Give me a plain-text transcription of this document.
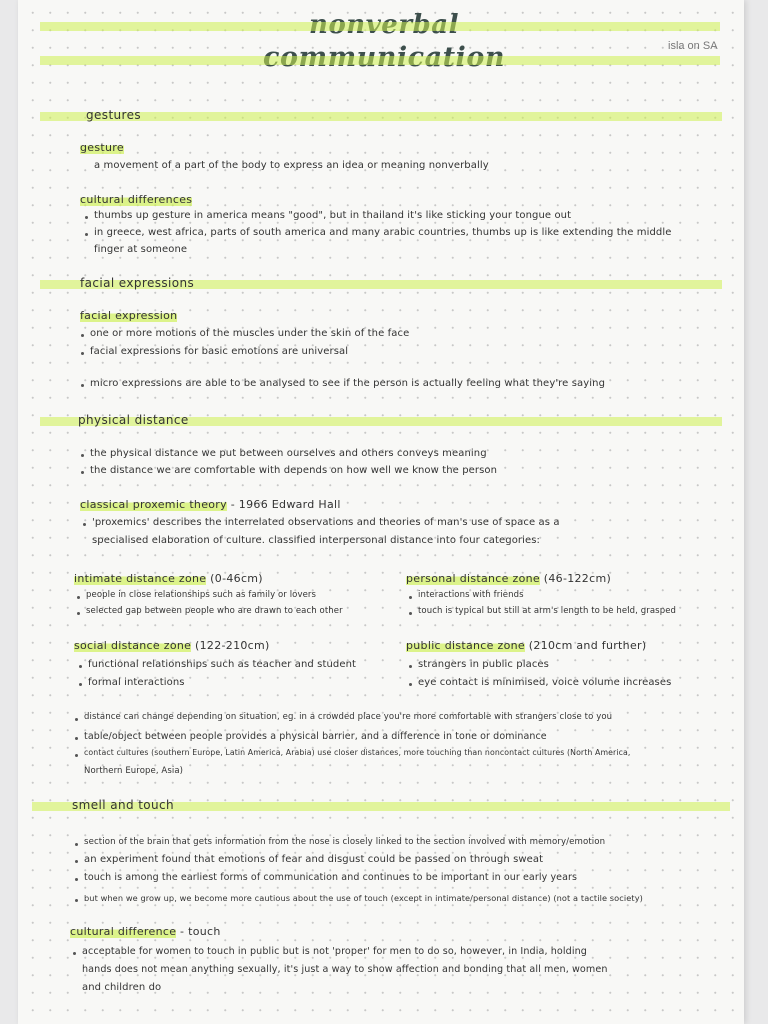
isla on SA
gestures
gesture
a movement of a part of the body to express an idea or meaning nonverbally
cultural differences
thumbs up gesture in america means "good", but in thailand it's like sticking your tongue out
in greece, west africa, parts of south america and many arabic countries, thumbs up is like extending the middle
finger at someone
facial expressions
facial expression
one or more motions of the muscles under the skin of the face
facial expressions for basic emotions are universal
micro expressions are able to be analysed to see if the person is actually feeling what they're saying
physical distance
the physical distance we put between ourselves and others conveys meaning
the distance we are comfortable with depends on how well we know the person
classical proxemic theory - 1966 Edward Hall
'proxemics' describes the interrelated observations and theories of man's use of space as a
specialised elaboration of culture. classified interpersonal distance into four categories:
intimate distance zone (0-46cm)
people in close relationships such as family or lovers
selected gap between people who are drawn to each other
personal distance zone (46-122cm)
interactions with friends
touch is typical but still at arm's length to be held, grasped
social distance zone (122-210cm)
functional relationships such as teacher and student
formal interactions
public distance zone (210cm and further)
strangers in public places
eye contact is minimised, voice volume increases
distance can change depending on situation, eg. in a crowded place you're more comfortable with strangers close to you
table/object between people provides a physical barrier, and a difference in tone or dominance
contact cultures (southern Europe, Latin America, Arabia) use closer distances, more touching than noncontact cultures (North America,
Northern Europe, Asia)
smell and touch
section of the brain that gets information from the nose is closely linked to the section involved with memory/emotion
an experiment found that emotions of fear and disgust could be passed on through sweat
touch is among the earliest forms of communication and continues to be important in our early years
but when we grow up, we become more cautious about the use of touch (except in intimate/personal distance) (not a tactile society)
cultural difference - touch
acceptable for women to touch in public but is not 'proper' for men to do so, however, in India, holding
hands does not mean anything sexually, it's just a way to show affection and bonding that all men, women
and children do
